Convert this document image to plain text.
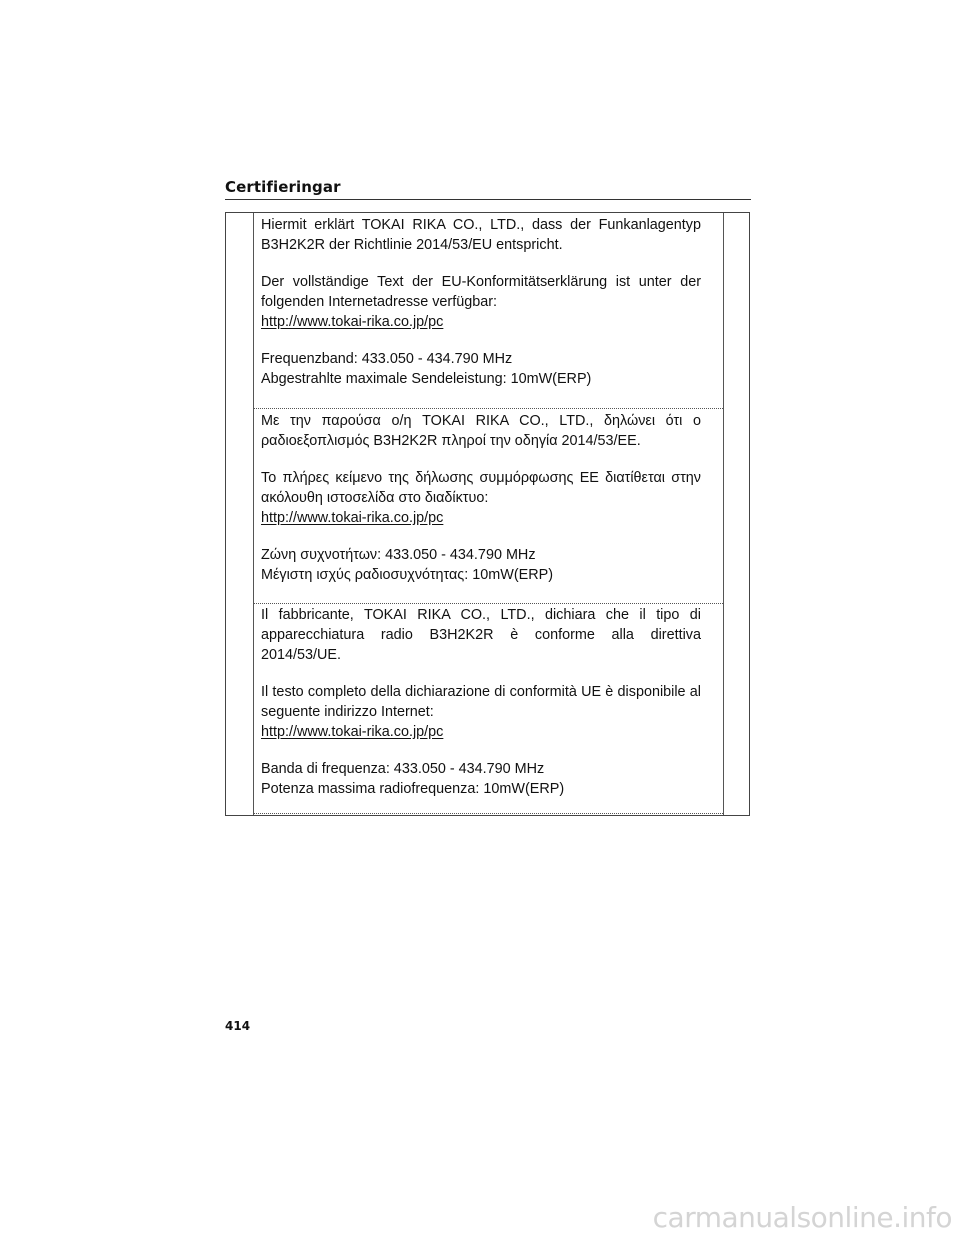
Certifieringar

Hiermit erklärt TOKAI RIKA CO., LTD., dass der Funkanlagentyp B3H2K2R der Richtlinie 2014/53/EU entspricht.

Der vollständige Text der EU-Konformitätserklärung ist unter der folgenden Internetadresse verfügbar:

http://www.tokai-rika.co.jp/pc
Frequenzband: 433.050 - 434.790 MHz
Abgestrahlte maximale Sendeleistung: 10mW(ERP)

Με την παρούσα ο/η TOKAI RIKA CO., LTD., δηλώνει ότι ο ραδιοεξοπλισμός B3H2K2R πληροί την οδηγία 2014/53/ΕΕ.

Το πλήρες κείμενο της δήλωσης συμμόρφωσης ΕΕ διατίθεται στην ακόλουθη ιστοσελίδα στο διαδίκτυο:

http://www.tokai-rika.co.jp/pc
Ζώνη συχνοτήτων: 433.050 - 434.790 MHz
Μέγιστη ισχύς ραδιοσυχνότητας: 10mW(ERP)

Il fabbricante, TOKAI RIKA CO., LTD., dichiara che il tipo di apparecchiatura radio B3H2K2R è conforme alla direttiva 2014/53/UE.

Il testo completo della dichiarazione di conformità UE è disponibile al seguente indirizzo Internet:

http://www.tokai-rika.co.jp/pc
Banda di frequenza: 433.050 - 434.790 MHz
Potenza massima radiofrequenza: 10mW(ERP)
414
carmanualsonline.info
